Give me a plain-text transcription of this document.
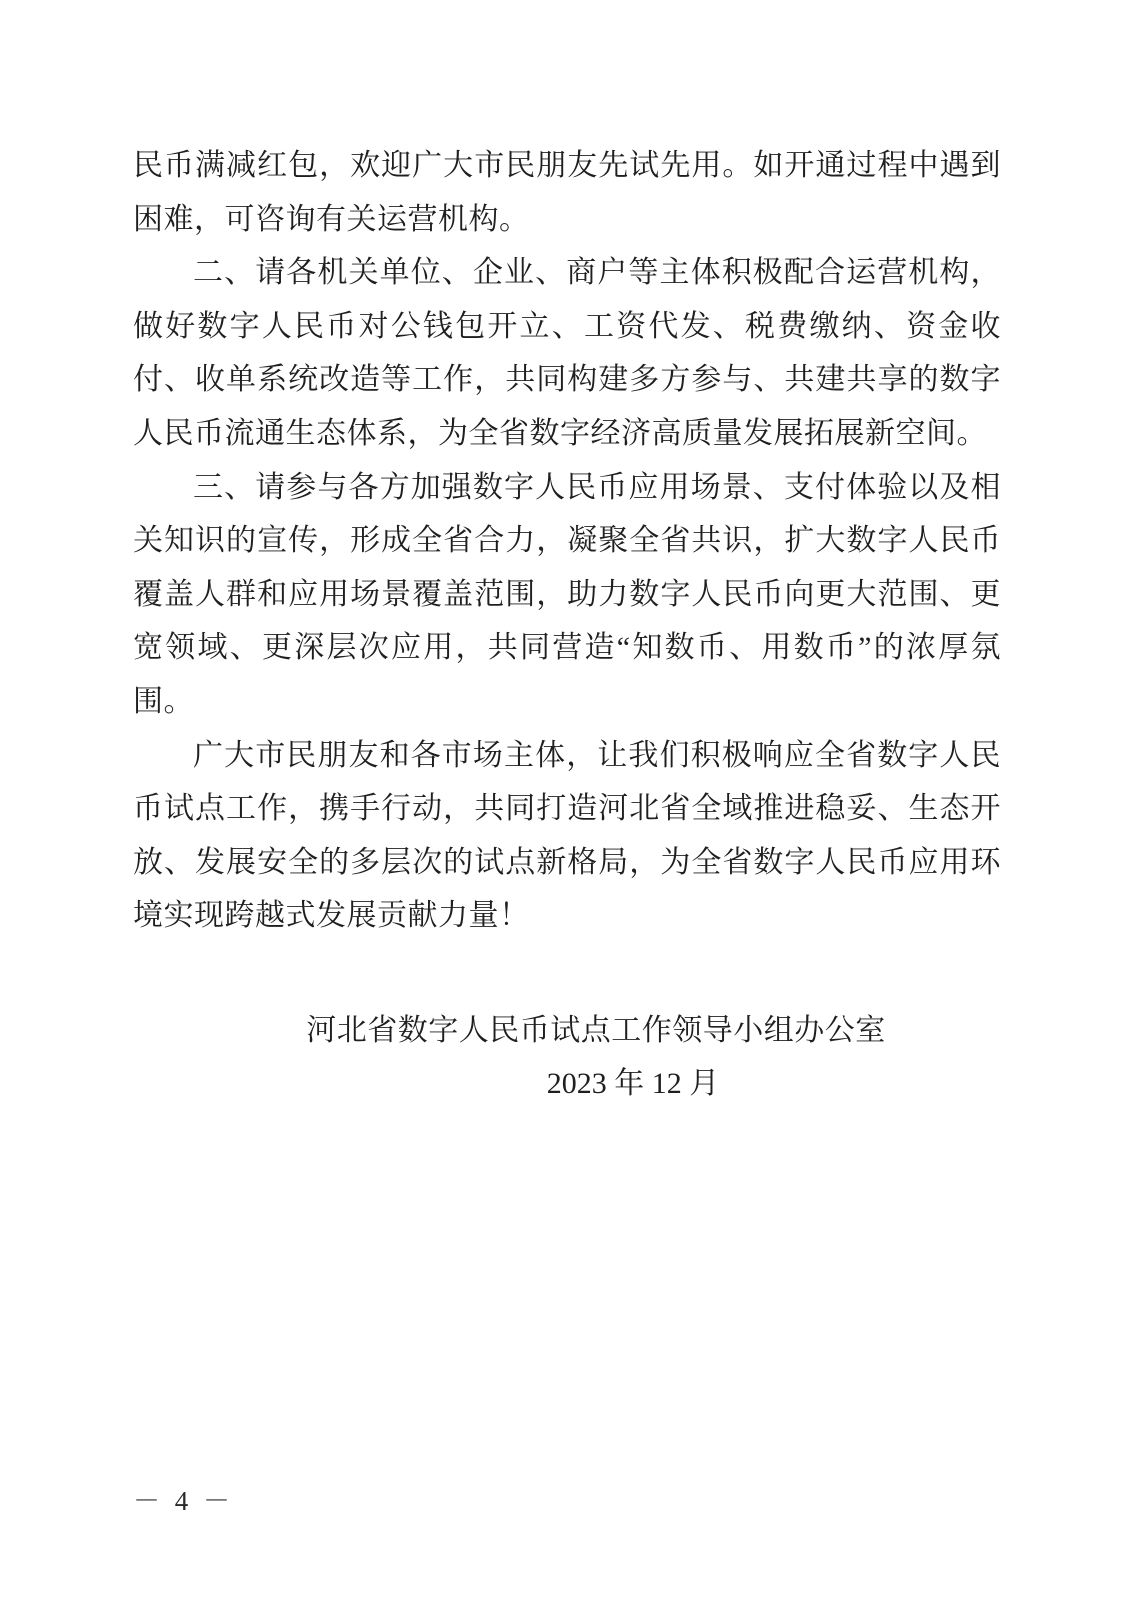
民币满减红包，欢迎广大市民朋友先试先用。如开通过程中遇到困难，可咨询有关运营机构。

二、请各机关单位、企业、商户等主体积极配合运营机构，做好数字人民币对公钱包开立、工资代发、税费缴纳、资金收付、收单系统改造等工作，共同构建多方参与、共建共享的数字人民币流通生态体系，为全省数字经济高质量发展拓展新空间。

三、请参与各方加强数字人民币应用场景、支付体验以及相关知识的宣传，形成全省合力，凝聚全省共识，扩大数字人民币覆盖人群和应用场景覆盖范围，助力数字人民币向更大范围、更宽领域、更深层次应用，共同营造“知数币、用数币”的浓厚氛围。

广大市民朋友和各市场主体，让我们积极响应全省数字人民币试点工作，携手行动，共同打造河北省全域推进稳妥、生态开放、发展安全的多层次的试点新格局，为全省数字人民币应用环境实现跨越式发展贡献力量！

河北省数字人民币试点工作领导小组办公室
2023 年 12 月
－ 4 －
